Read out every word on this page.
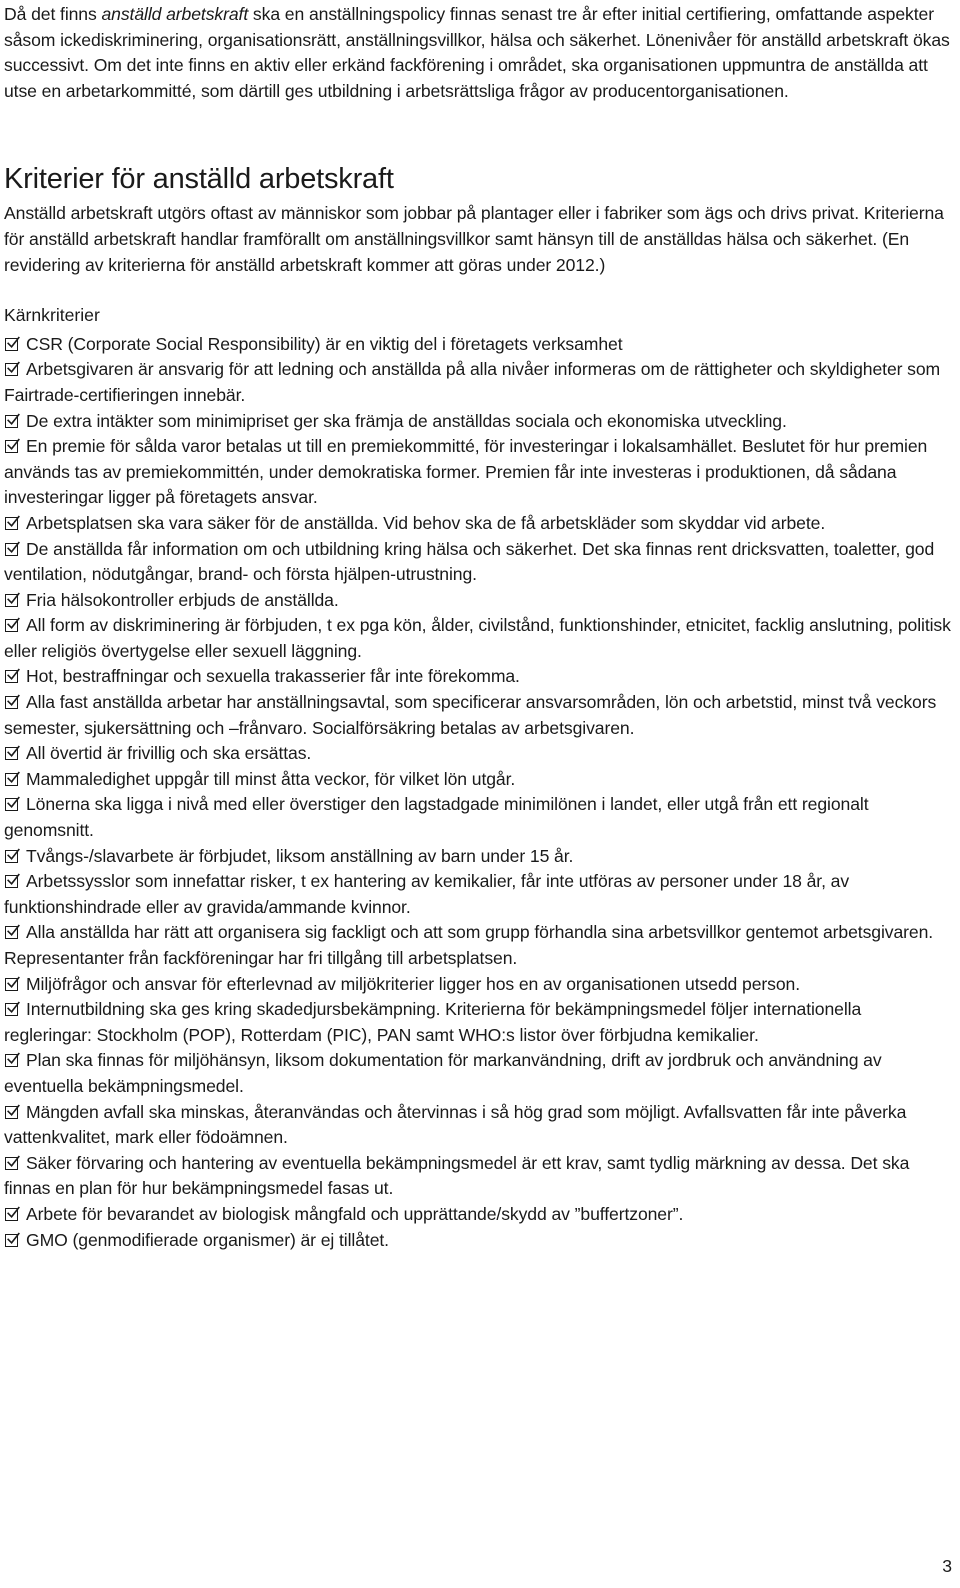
Då det finns anställd arbetskraft ska en anställningspolicy finnas senast tre år efter initial certifiering, omfattande aspekter såsom ickediskriminering, organisationsrätt, anställningsvillkor, hälsa och säkerhet. Lönenivåer för anställd arbetskraft ökas successivt. Om det inte finns en aktiv eller erkänd fackförening i området, ska organisationen uppmuntra de anställda att utse en arbetarkommitté, som därtill ges utbildning i arbetsrättsliga frågor av producentorganisationen.

Kriterier för anställd arbetskraft

Anställd arbetskraft utgörs oftast av människor som jobbar på plantager eller i fabriker som ägs och drivs privat. Kriterierna för anställd arbetskraft handlar framförallt om anställningsvillkor samt hänsyn till de anställdas hälsa och säkerhet. (En revidering av kriterierna för anställd arbetskraft kommer att göras under 2012.)

Kärnkriterier
CSR (Corporate Social Responsibility) är en viktig del i företagets verksamhet
Arbetsgivaren är ansvarig för att ledning och anställda på alla nivåer informeras om de rättigheter och skyldigheter som Fairtrade-certifieringen innebär.
De extra intäkter som minimipriset ger ska främja de anställdas sociala och ekonomiska utveckling.
En premie för sålda varor betalas ut till en premiekommitté, för investeringar i lokalsamhället. Beslutet för hur premien används tas av premiekommittén, under demokratiska former. Premien får inte investeras i produktionen, då sådana investeringar ligger på företagets ansvar.
Arbetsplatsen ska vara säker för de anställda. Vid behov ska de få arbetskläder som skyddar vid arbete.
De anställda får information om och utbildning kring hälsa och säkerhet. Det ska finnas rent dricksvatten, toaletter, god ventilation, nödutgångar, brand- och första hjälpen-utrustning.
Fria hälsokontroller erbjuds de anställda.
All form av diskriminering är förbjuden, t ex pga kön, ålder, civilstånd, funktionshinder, etnicitet, facklig anslutning, politisk eller religiös övertygelse eller sexuell läggning.
Hot, bestraffningar och sexuella trakasserier får inte förekomma.
Alla fast anställda arbetar har anställningsavtal, som specificerar ansvarsområden, lön och arbetstid, minst två veckors semester, sjukersättning och –frånvaro. Socialförsäkring betalas av arbetsgivaren.
All övertid är frivillig och ska ersättas.
Mammaledighet uppgår till minst åtta veckor, för vilket lön utgår.
Lönerna ska ligga i nivå med eller överstiger den lagstadgade minimilönen i landet, eller utgå från ett regionalt genomsnitt.
Tvångs-/slavarbete är förbjudet, liksom anställning av barn under 15 år.
Arbetssysslor som innefattar risker, t ex hantering av kemikalier, får inte utföras av personer under 18 år, av funktionshindrade eller av gravida/ammande kvinnor.
Alla anställda har rätt att organisera sig fackligt och att som grupp förhandla sina arbetsvillkor gentemot arbetsgivaren. Representanter från fackföreningar har fri tillgång till arbetsplatsen.
Miljöfrågor och ansvar för efterlevnad av miljökriterier ligger hos en av organisationen utsedd person.
Internutbildning ska ges kring skadedjursbekämpning. Kriterierna för bekämpningsmedel följer internationella regleringar: Stockholm (POP), Rotterdam (PIC), PAN samt WHO:s listor över förbjudna kemikalier.
Plan ska finnas för miljöhänsyn, liksom dokumentation för markanvändning, drift av jordbruk och användning av eventuella bekämpningsmedel.
Mängden avfall ska minskas, återanvändas och återvinnas i så hög grad som möjligt. Avfallsvatten får inte påverka vattenkvalitet, mark eller födoämnen.
Säker förvaring och hantering av eventuella bekämpningsmedel är ett krav, samt tydlig märkning av dessa. Det ska finnas en plan för hur bekämpningsmedel fasas ut.
Arbete för bevarandet av biologisk mångfald och upprättande/skydd av ”buffertzoner”.
GMO (genmodifierade organismer) är ej tillåtet.
3
